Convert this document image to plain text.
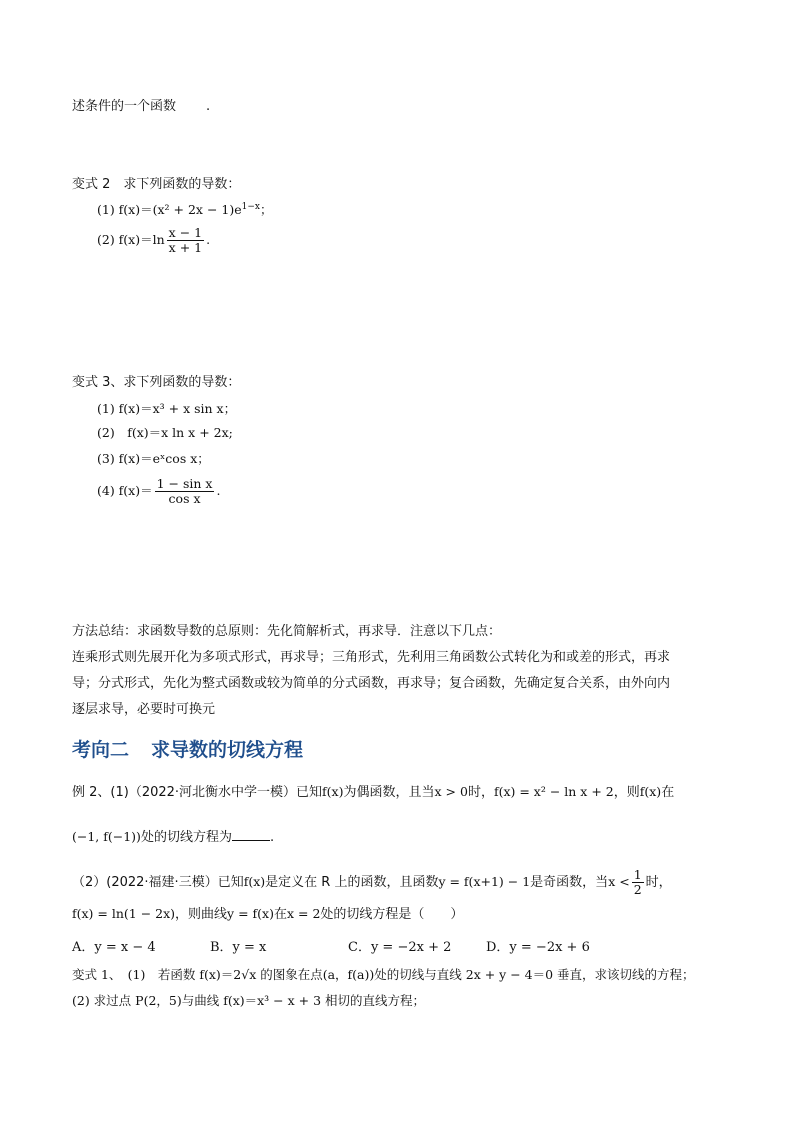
述条件的一个函数 .
变式 2　求下列函数的导数：
(1) $f(x)=(x^2 + 2x - 1)e^{1-x}$；
(2) $f(x)=\ln \frac{x - 1}{x + 1}$ .
变式 3、求下列函数的导数：
(1) f(x)＝x³ + x sin x；
(2)　f(x)＝x ln x + 2x;
(3) f(x)＝eˣcos x；
(4) $f(x)= \frac{\text{1 − sin x}}{\text{cos x}}$ .
方法总结：求函数导数的总原则：先化简解析式，再求导．注意以下几点：
连乘形式则先展开化为多项式形式，再求导；三角形式，先利用三角函数公式转化为和或差的形式，再求
导；分式形式，先化为整式函数或较为简单的分式函数，再求导；复合函数，先确定复合关系，由外向内
逐层求导，必要时可换元
考向二 求导数的切线方程
例 2、(1)（2022·河北衡水中学一模）已知f(x)为偶函数，且当x > 0时，f(x) = x² − ln x + 2，则f(x)在
(−1, f(−1))处的切线方程为	.
（2）(2022·福建·三模）已知f(x)是定义在 R 上的函数，且函数y = f(x+1) − 1是奇函数，当$x < \frac{1}{2}$ 时，
f(x) = ln(1 − 2x)，则曲线y = f(x)在x = 2处的切线方程是（　　）
A．y = x − 4	B．y = x	C．y = −2x + 2	D．y = −2x + 6
变式 1、　(1)　若函数 f(x)＝2√x 的图象在点(a，f(a))处的切线与直线 2x + y − 4＝0 垂直，求该切线的方程；
(2) 求过点 P(2，5)与曲线 f(x)＝x³ − x + 3 相切的直线方程；
